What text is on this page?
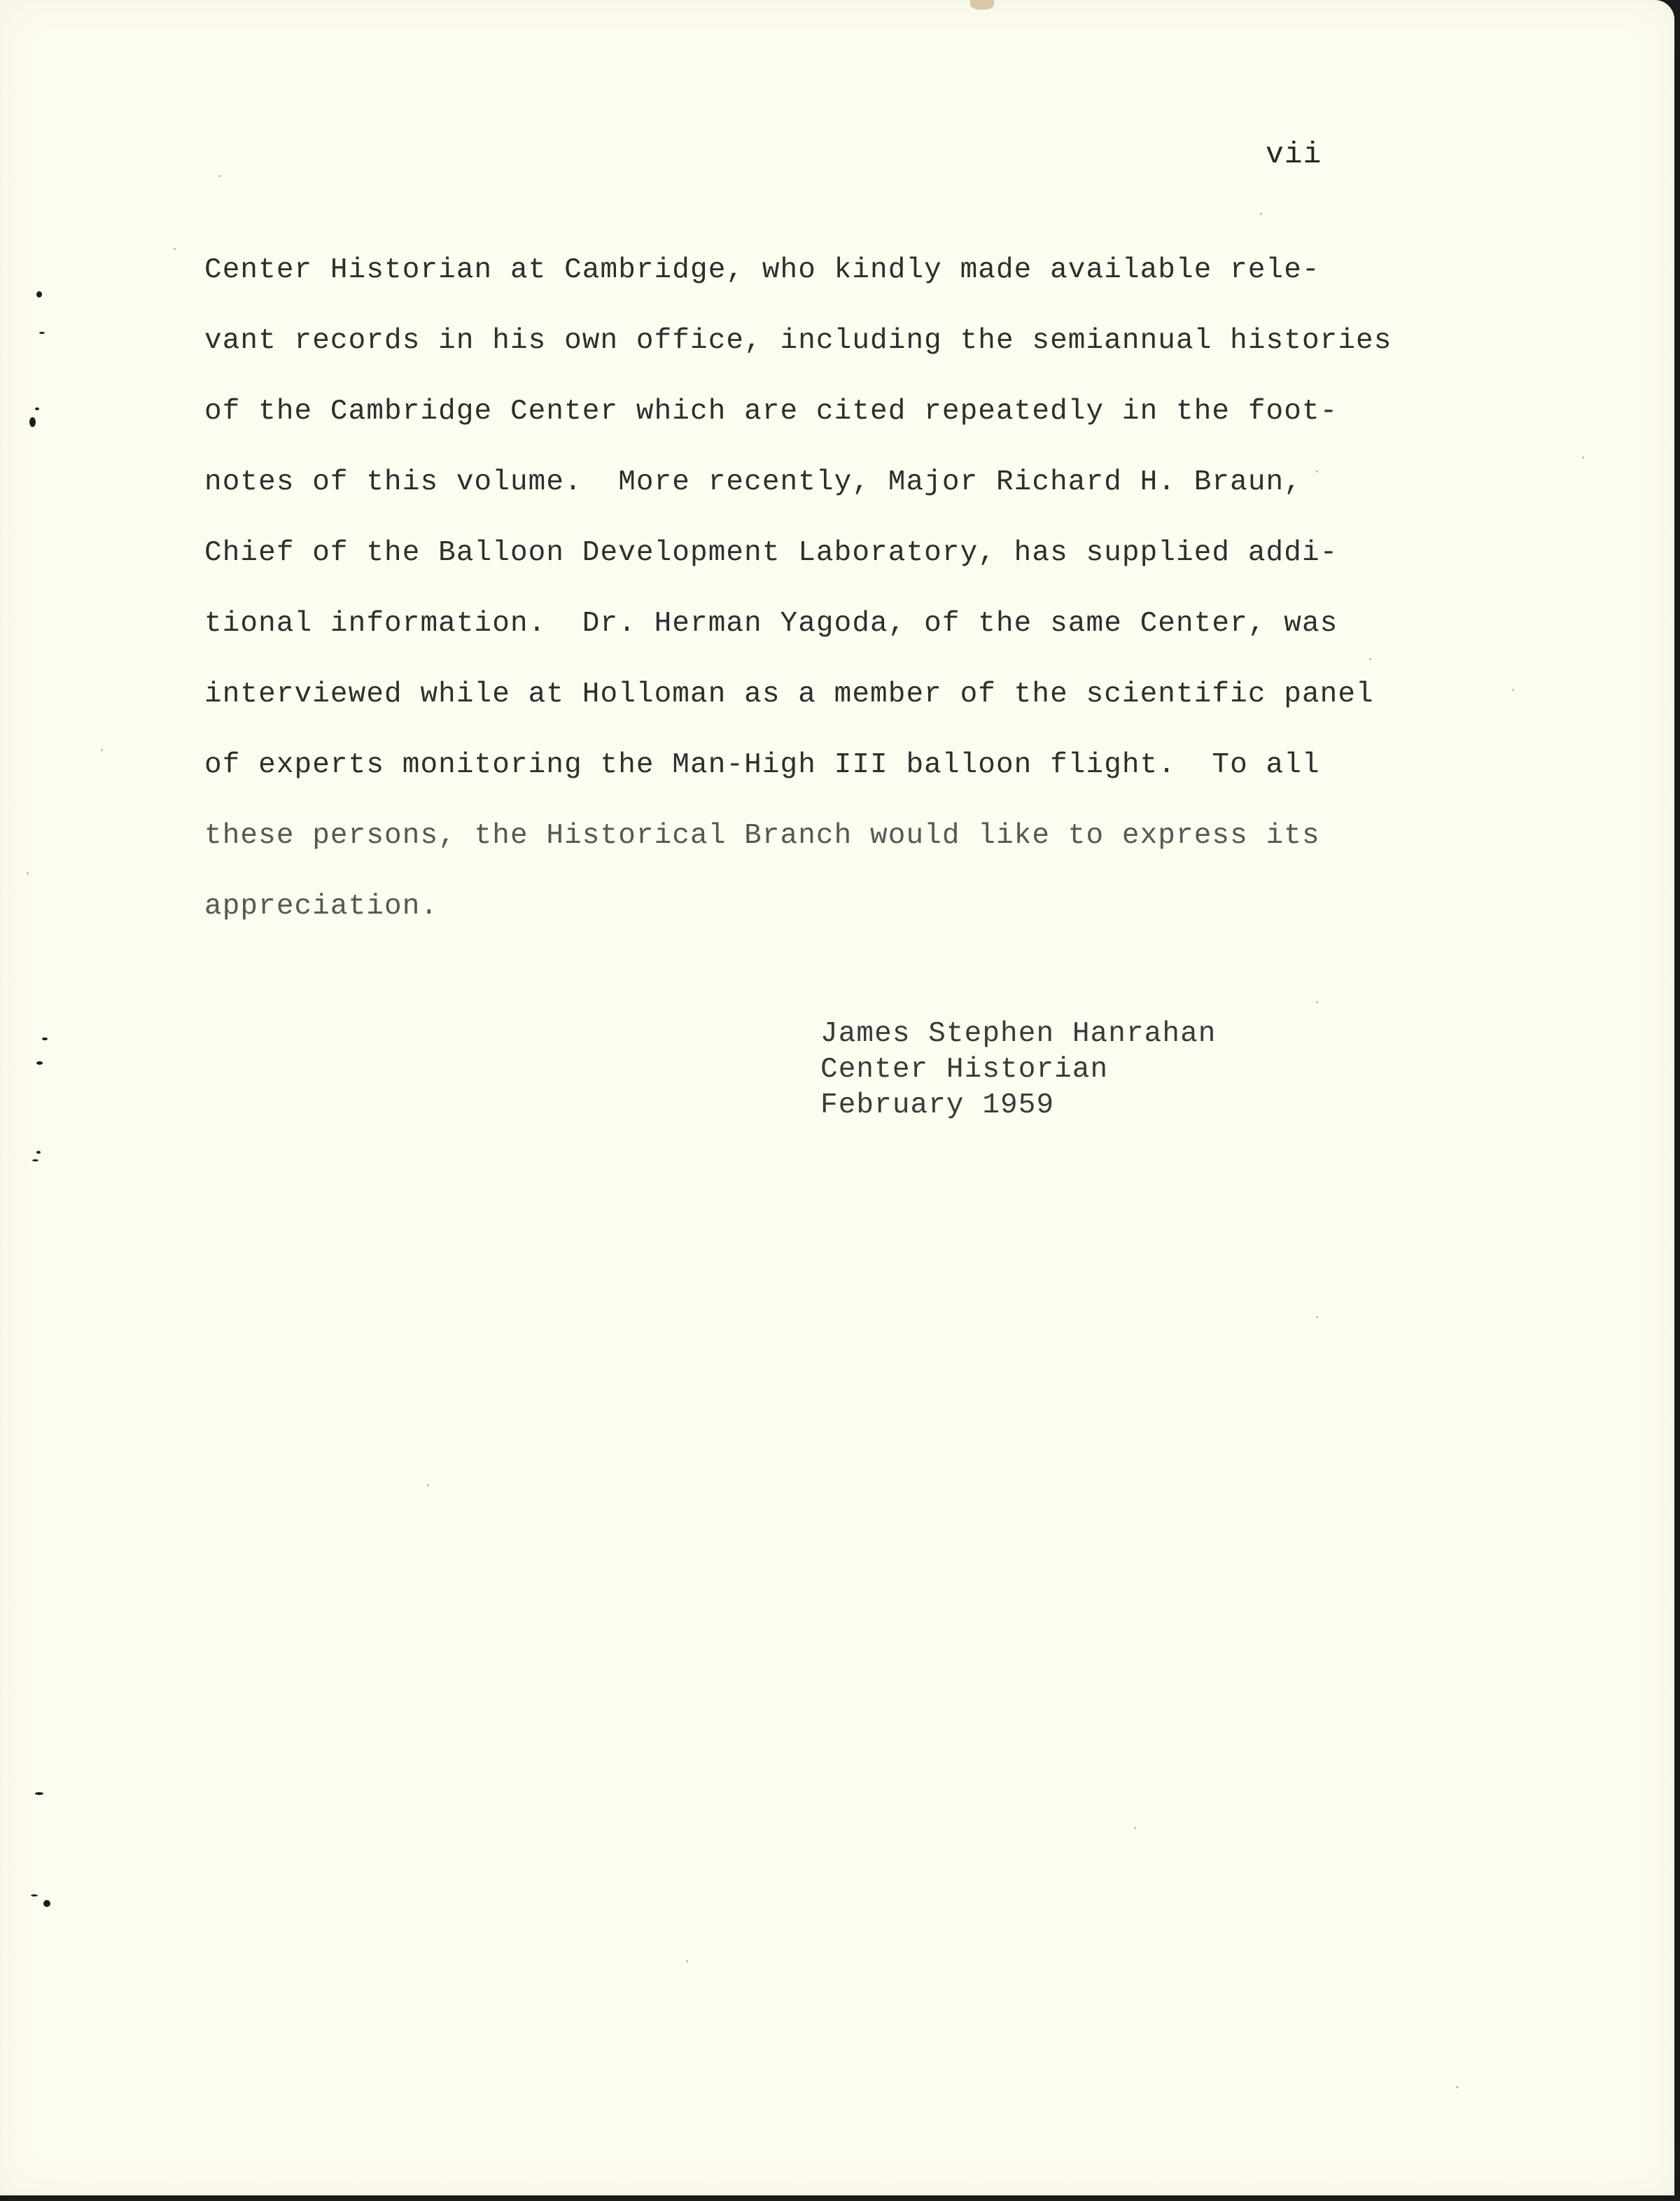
vii
Center Historian at Cambridge, who kindly made available rele-
vant records in his own office, including the semiannual histories
of the Cambridge Center which are cited repeatedly in the foot-
notes of this volume.  More recently, Major Richard H. Braun,
Chief of the Balloon Development Laboratory, has supplied addi-
tional information.  Dr. Herman Yagoda, of the same Center, was
interviewed while at Holloman as a member of the scientific panel
of experts monitoring the Man-High III balloon flight.  To all
these persons, the Historical Branch would like to express its
appreciation.
James Stephen Hanrahan
Center Historian
February 1959
